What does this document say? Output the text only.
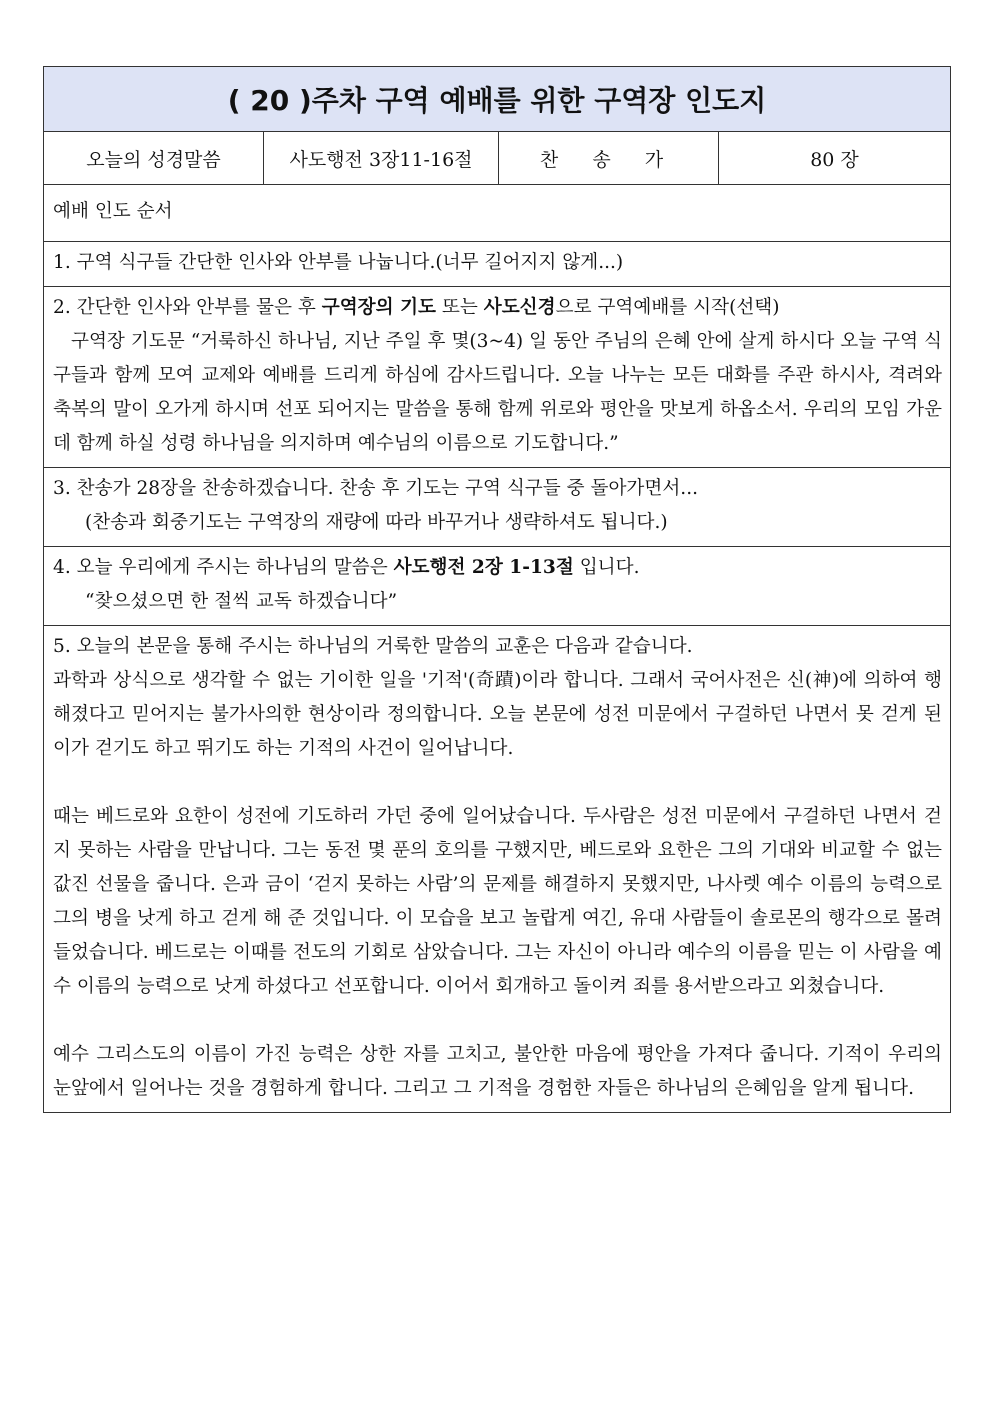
( 20 )주차 구역 예배를 위한 구역장 인도지
오늘의 성경말씀	사도행전 3장11-16절	찬 송 가	80 장
예배 인도 순서

1. 구역 식구들 간단한 인사와 안부를 나눕니다.(너무 길어지지 않게...)

2. 간단한 인사와 안부를 물은 후 구역장의 기도 또는 사도신경으로 구역예배를 시작(선택)

구역장 기도문 “거룩하신 하나님, 지난 주일 후 몇(3~4) 일 동안 주님의 은혜 안에 살게 하시다 오늘 구역 식구들과 함께 모여 교제와 예배를 드리게 하심에 감사드립니다. 오늘 나누는 모든 대화를 주관 하시사, 격려와 축복의 말이 오가게 하시며 선포 되어지는 말씀을 통해 함께 위로와 평안을 맛보게 하옵소서. 우리의 모임 가운데 함께 하실 성령 하나님을 의지하며 예수님의 이름으로 기도합니다.”

3. 찬송가 28장을 찬송하겠습니다. 찬송 후 기도는 구역 식구들 중 돌아가면서...

(찬송과 회중기도는 구역장의 재량에 따라 바꾸거나 생략하셔도 됩니다.)

4. 오늘 우리에게 주시는 하나님의 말씀은 사도행전 2장 1-13절 입니다.

“찾으셨으면 한 절씩 교독 하겠습니다”

5. 오늘의 본문을 통해 주시는 하나님의 거룩한 말씀의 교훈은 다음과 같습니다.

과학과 상식으로 생각할 수 없는 기이한 일을 '기적'(奇蹟)이라 합니다. 그래서 국어사전은 신(神)에 의하여 행해졌다고 믿어지는 불가사의한 현상이라 정의합니다. 오늘 본문에 성전 미문에서 구걸하던 나면서 못 걷게 된 이가 걷기도 하고 뛰기도 하는 기적의 사건이 일어납니다.

때는 베드로와 요한이 성전에 기도하러 가던 중에 일어났습니다. 두사람은 성전 미문에서 구걸하던 나면서 걷지 못하는 사람을 만납니다. 그는 동전 몇 푼의 호의를 구했지만, 베드로와 요한은 그의 기대와 비교할 수 없는 값진 선물을 줍니다. 은과 금이 ‘걷지 못하는 사람’의 문제를 해결하지 못했지만, 나사렛 예수 이름의 능력으로 그의 병을 낫게 하고 걷게 해 준 것입니다. 이 모습을 보고 놀랍게 여긴, 유대 사람들이 솔로몬의 행각으로 몰려들었습니다. 베드로는 이때를 전도의 기회로 삼았습니다. 그는 자신이 아니라 예수의 이름을 믿는 이 사람을 예수 이름의 능력으로 낫게 하셨다고 선포합니다. 이어서 회개하고 돌이켜 죄를 용서받으라고 외쳤습니다.

예수 그리스도의 이름이 가진 능력은 상한 자를 고치고, 불안한 마음에 평안을 가져다 줍니다. 기적이 우리의 눈앞에서 일어나는 것을 경험하게 합니다. 그리고 그 기적을 경험한 자들은 하나님의 은혜임을 알게 됩니다.
